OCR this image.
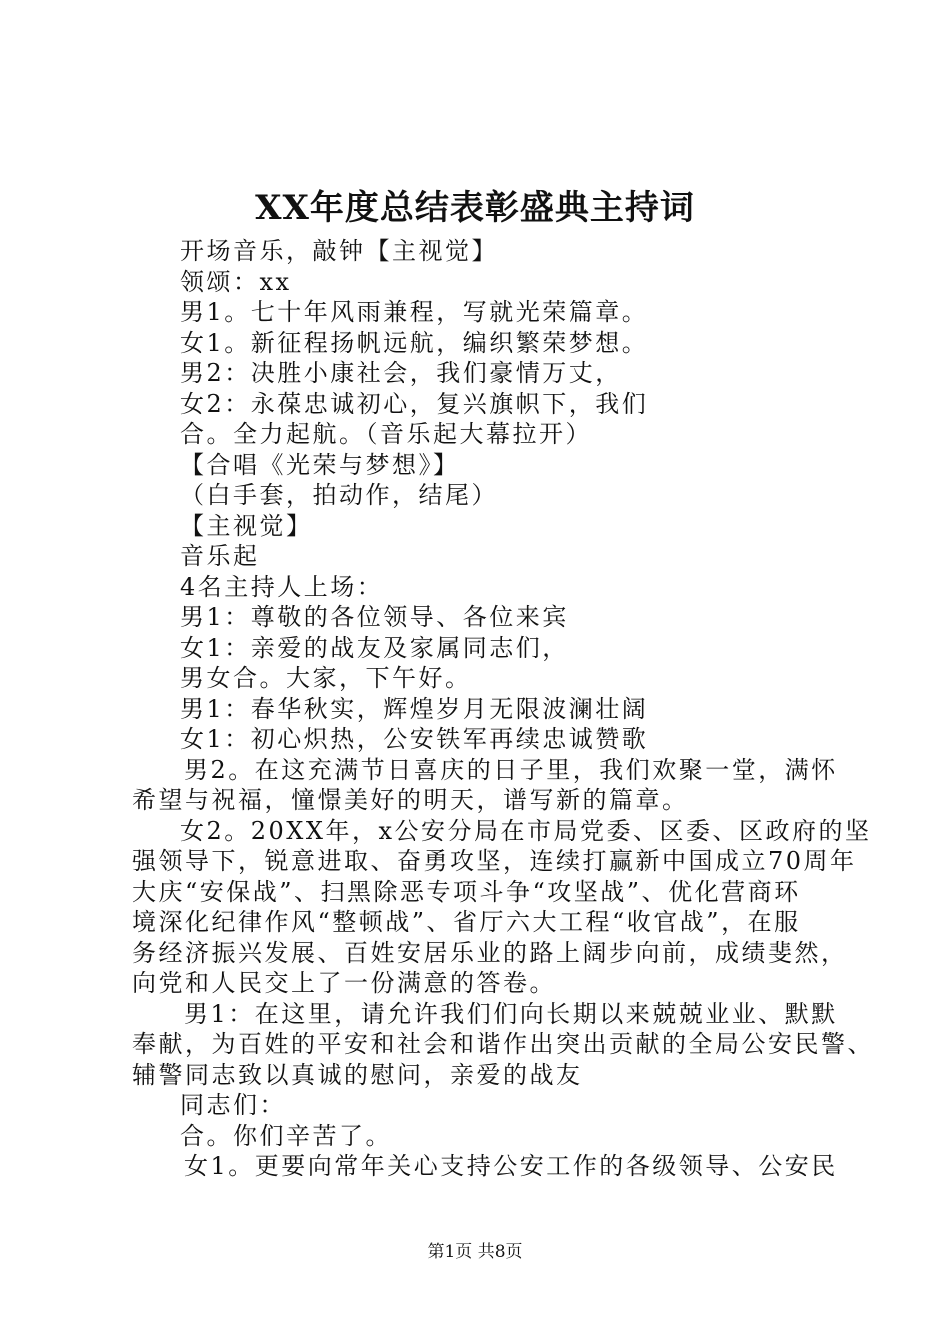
XX年度总结表彰盛典主持词
开场音乐，敲钟【主视觉】
领颂：xx
男1。七十年风雨兼程，写就光荣篇章。
女1。新征程扬帆远航，编织繁荣梦想。
男2：决胜小康社会，我们豪情万丈，
女2：永葆忠诚初心，复兴旗帜下，我们
合。全力起航。（音乐起大幕拉开）
【合唱《光荣与梦想》】
（白手套，拍动作，结尾）
【主视觉】
音乐起
4名主持人上场：
男1：尊敬的各位领导、各位来宾
女1：亲爱的战友及家属同志们，
男女合。大家，下午好。
男1：春华秋实，辉煌岁月无限波澜壮阔
女1：初心炽热，公安铁军再续忠诚赞歌
男2。在这充满节日喜庆的日子里，我们欢聚一堂，满怀
希望与祝福，憧憬美好的明天，谱写新的篇章。
女2。20XX年，x公安分局在市局党委、区委、区政府的坚
强领导下，锐意进取、奋勇攻坚，连续打赢新中国成立70周年
大庆“安保战”、扫黑除恶专项斗争“攻坚战”、优化营商环
境深化纪律作风“整顿战”、省厅六大工程“收官战”，在服
务经济振兴发展、百姓安居乐业的路上阔步向前，成绩斐然，
向党和人民交上了一份满意的答卷。
男1：在这里，请允许我们们向长期以来兢兢业业、默默
奉献，为百姓的平安和社会和谐作出突出贡献的全局公安民警、
辅警同志致以真诚的慰问，亲爱的战友
同志们：
合。你们辛苦了。
女1。更要向常年关心支持公安工作的各级领导、公安民
第1页 共8页
